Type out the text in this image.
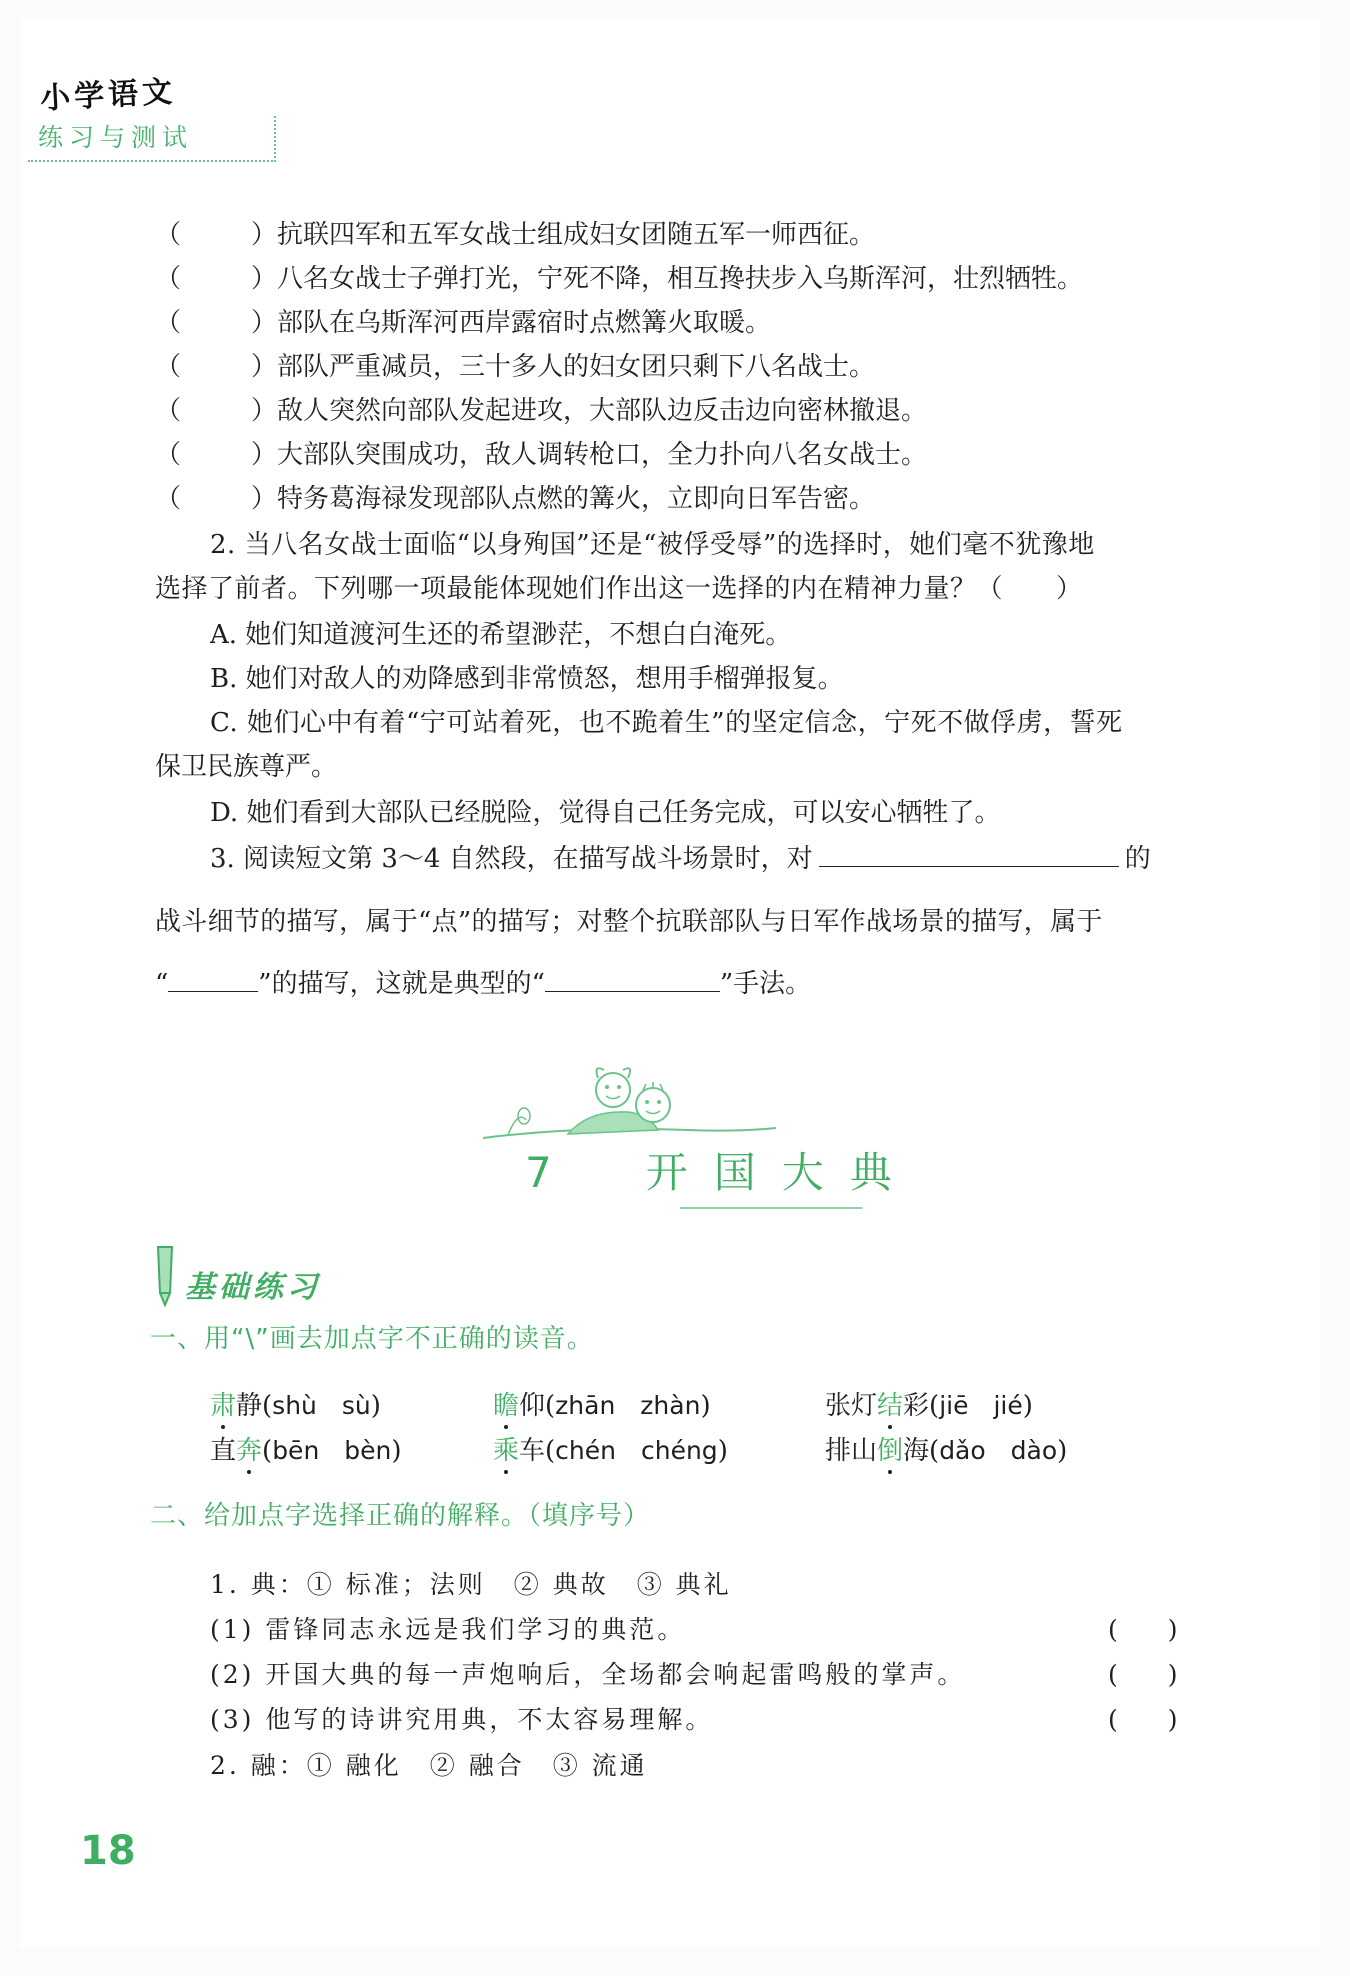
小学语文
练习与测试
（	）抗联四军和五军女战士组成妇女团随五军一师西征。
（	）八名女战士子弹打光，宁死不降，相互搀扶步入乌斯浑河，壮烈牺牲。
（	）部队在乌斯浑河西岸露宿时点燃篝火取暖。
（	）部队严重减员，三十多人的妇女团只剩下八名战士。
（	）敌人突然向部队发起进攻，大部队边反击边向密林撤退。
（	）大部队突围成功，敌人调转枪口，全力扑向八名女战士。
（	）特务葛海禄发现部队点燃的篝火，立即向日军告密。
2. 当八名女战士面临“以身殉国”还是“被俘受辱”的选择时，她们毫不犹豫地
选择了前者。下列哪一项最能体现她们作出这一选择的内在精神力量？（　　）
A. 她们知道渡河生还的希望渺茫，不想白白淹死。
B. 她们对敌人的劝降感到非常愤怒，想用手榴弹报复。
C. 她们心中有着“宁可站着死，也不跪着生”的坚定信念，宁死不做俘虏，誓死
保卫民族尊严。
D. 她们看到大部队已经脱险，觉得自己任务完成，可以安心牺牲了。
3. 阅读短文第 3～4 自然段，在描写战斗场景时，对	的
战斗细节的描写，属于“点”的描写；对整个抗联部队与日军作战场景的描写，属于
“	”的描写，这就是典型的“	”手法。
7　 开国大典
基础练习
一、用“\”画去加点字不正确的读音。
肃静(shù　sù)	瞻仰(zhān　zhàn)	张灯结彩(jiē　jié)
直奔(bēn　bèn)	乘车(chén　chéng)	排山倒海(dǎo　dào)
二、给加点字选择正确的解释。（填序号）
1. 典：① 标准；法则　② 典故　③ 典礼
(1) 雷锋同志永远是我们学习的典范。	(　　)
(2) 开国大典的每一声炮响后，全场都会响起雷鸣般的掌声。	(　　)
(3) 他写的诗讲究用典，不太容易理解。	(　　)
2. 融：① 融化　② 融合　③ 流通
18
